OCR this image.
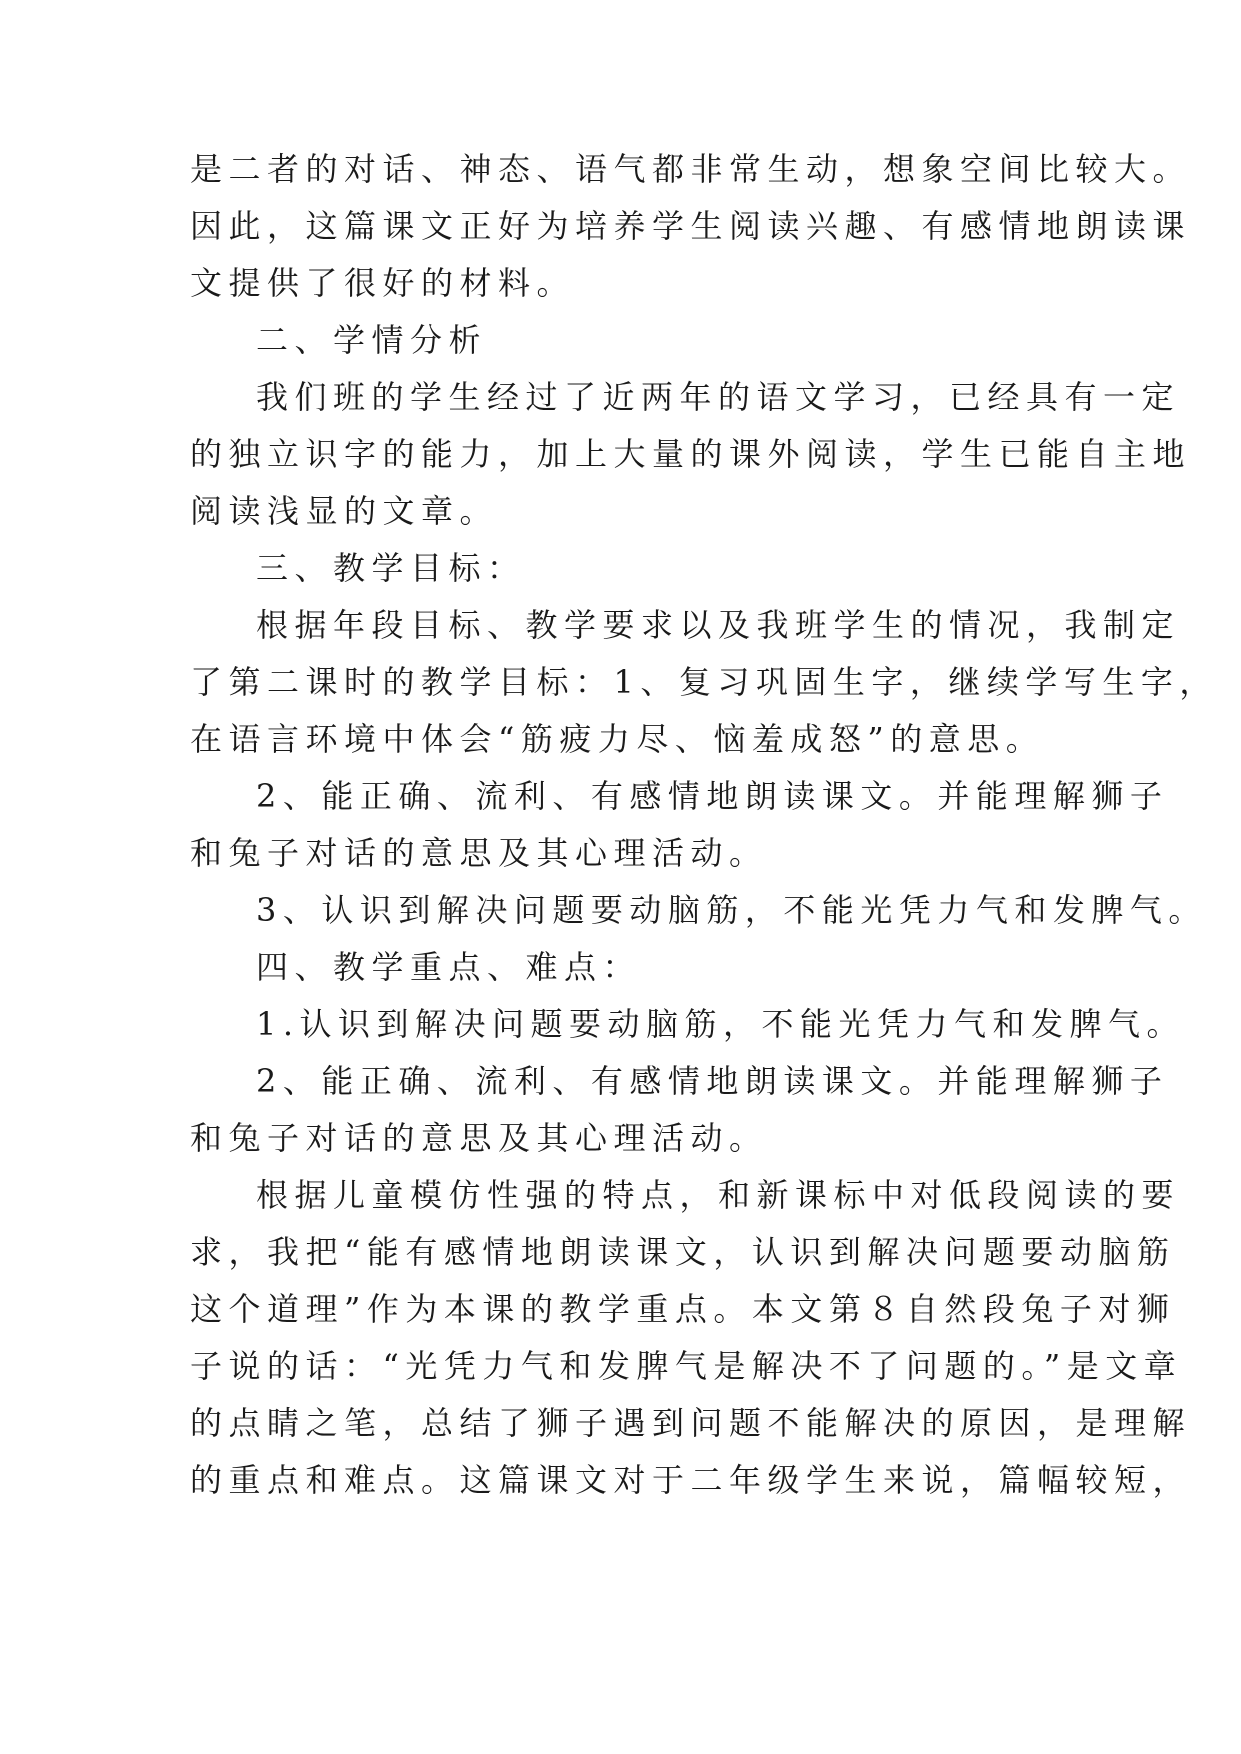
是二者的对话、神态、语气都非常生动，想象空间比较大。
因此，这篇课文正好为培养学生阅读兴趣、有感情地朗读课
文提供了很好的材料。
二、学情分析
我们班的学生经过了近两年的语文学习，已经具有一定
的独立识字的能力，加上大量的课外阅读，学生已能自主地
阅读浅显的文章。
三、教学目标：
根据年段目标、教学要求以及我班学生的情况，我制定
了第二课时的教学目标：1、复习巩固生字，继续学写生字，
在语言环境中体会“筋疲力尽、恼羞成怒”的意思。
2、能正确、流利、有感情地朗读课文。并能理解狮子
和兔子对话的意思及其心理活动。
3、认识到解决问题要动脑筋，不能光凭力气和发脾气。
四、教学重点、难点：
1.认识到解决问题要动脑筋，不能光凭力气和发脾气。
2、能正确、流利、有感情地朗读课文。并能理解狮子
和兔子对话的意思及其心理活动。
根据儿童模仿性强的特点，和新课标中对低段阅读的要
求，我把“能有感情地朗读课文，认识到解决问题要动脑筋
这个道理”作为本课的教学重点。本文第８自然段兔子对狮
子说的话：“光凭力气和发脾气是解决不了问题的。”是文章
的点睛之笔，总结了狮子遇到问题不能解决的原因，是理解
的重点和难点。这篇课文对于二年级学生来说，篇幅较短，
